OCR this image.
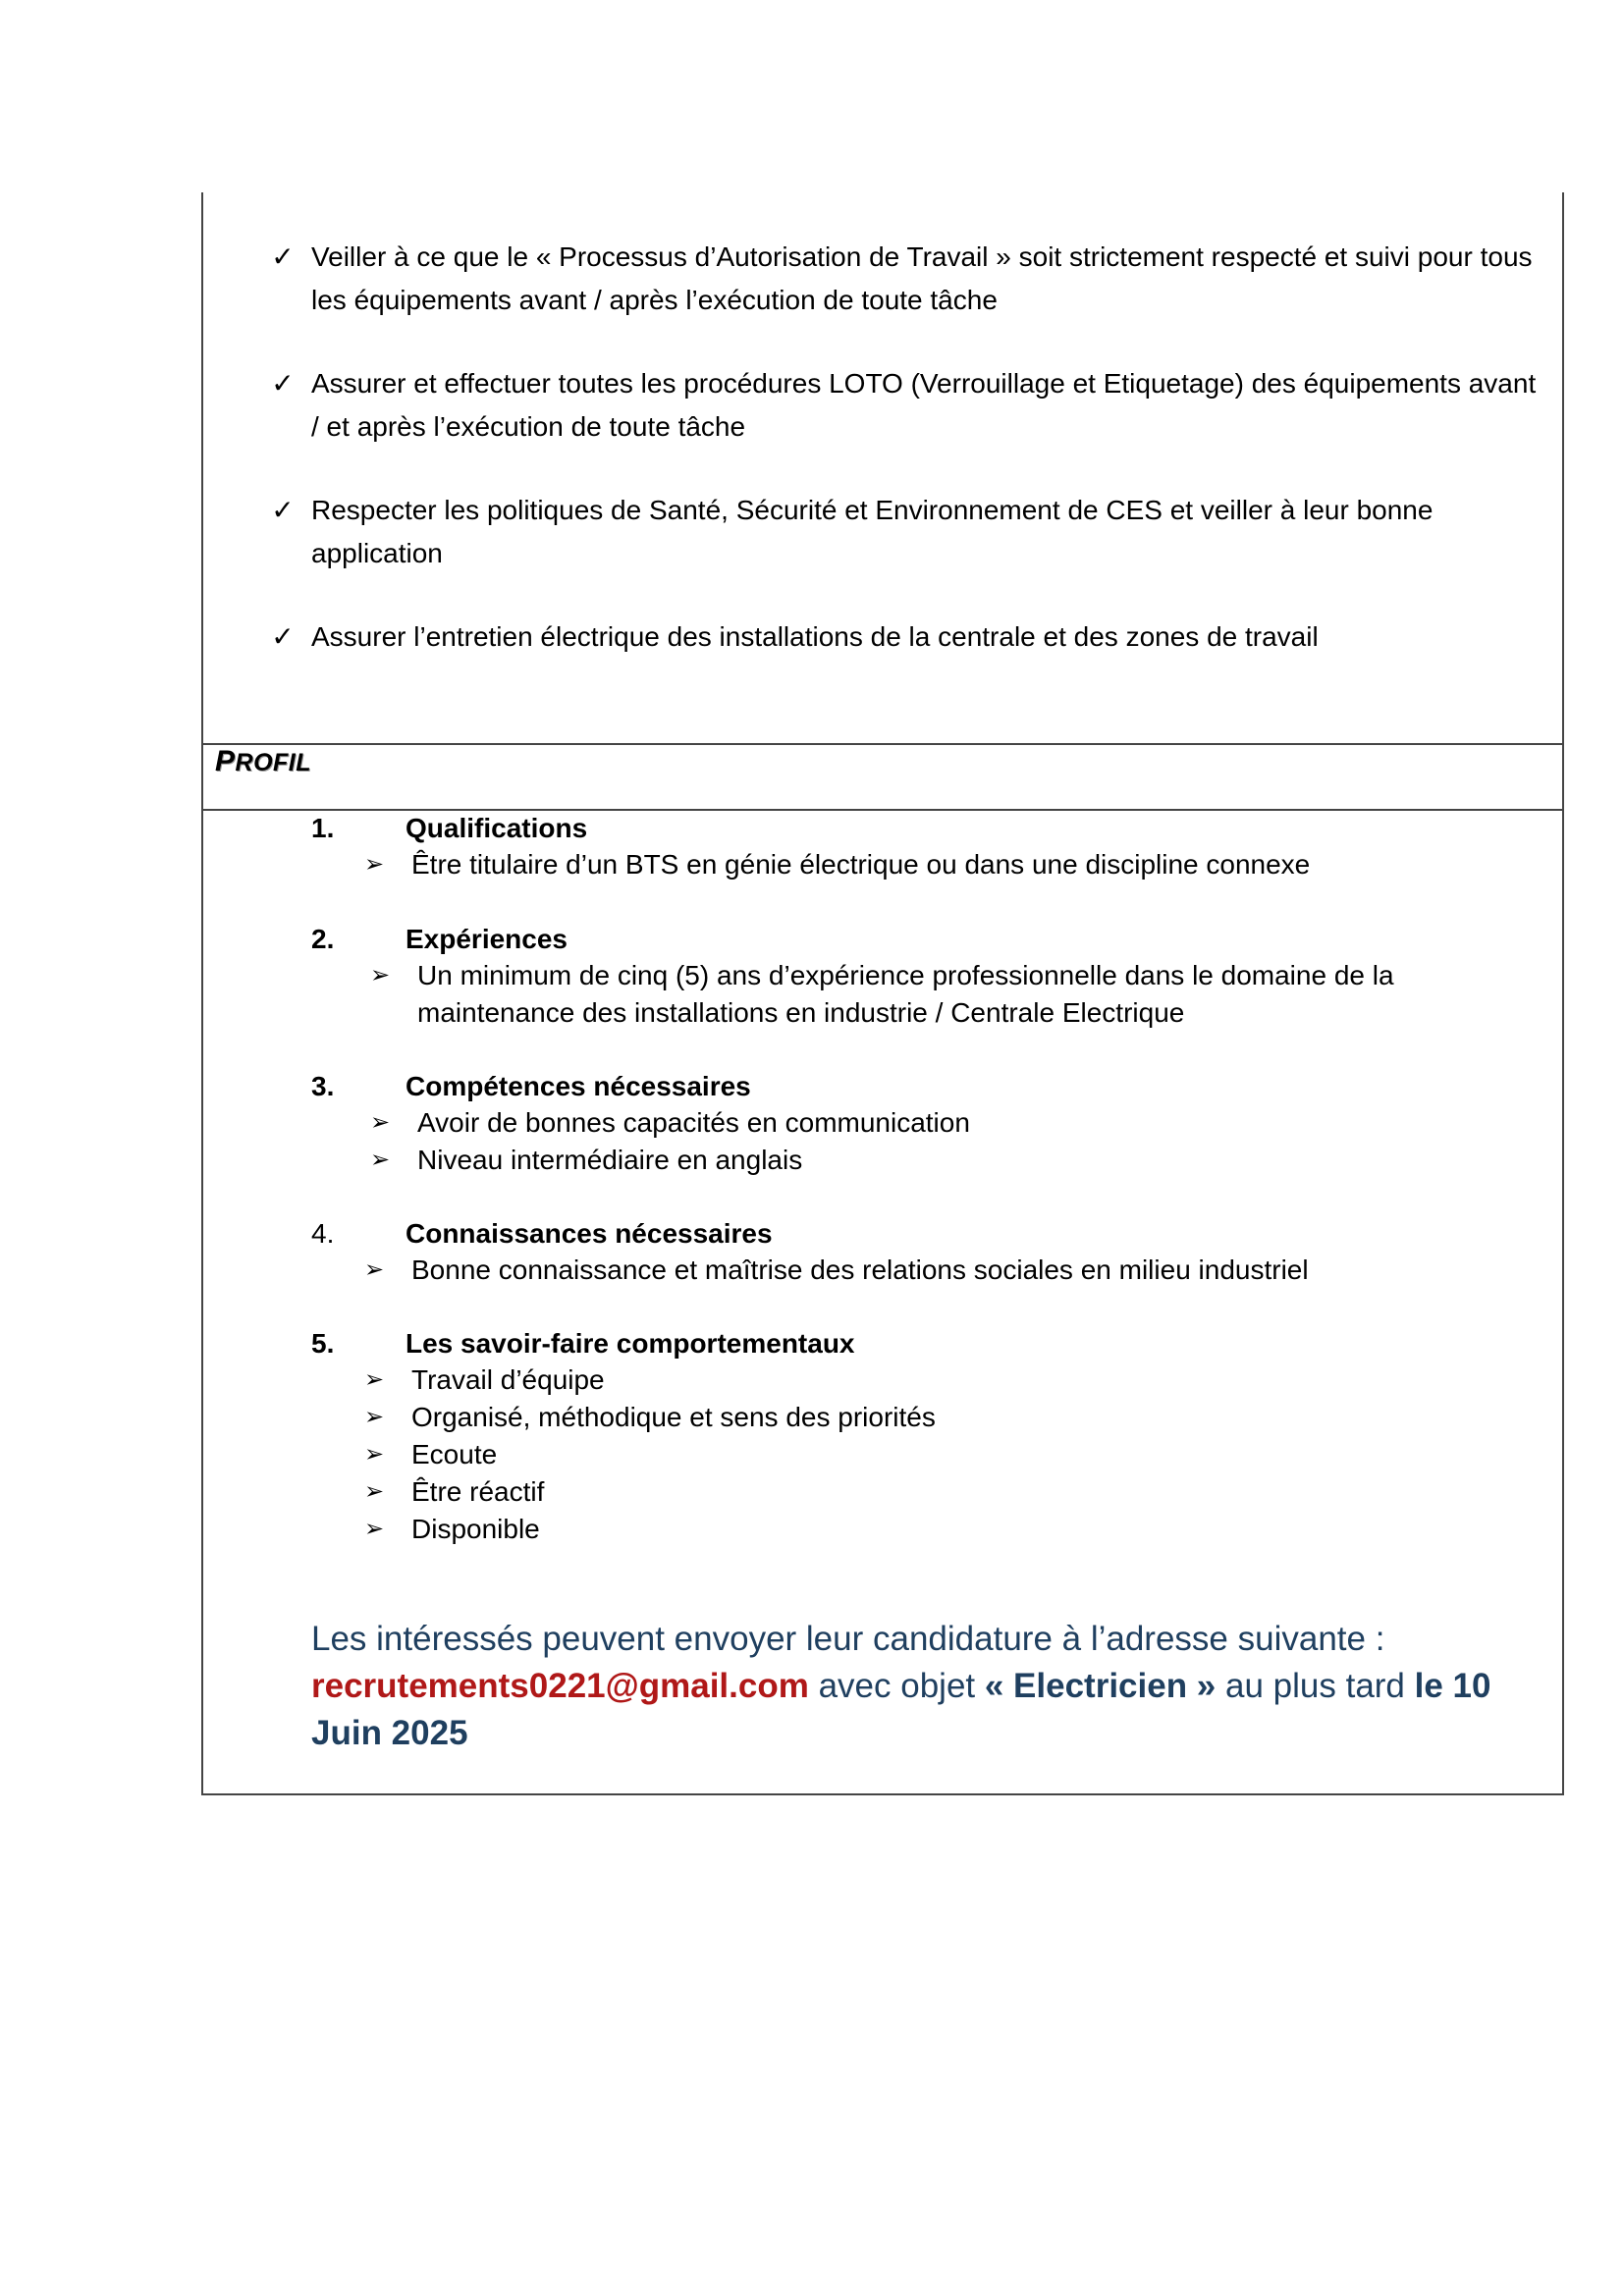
✓ Veiller à ce que le « Processus d’Autorisation de Travail » soit strictement respecté et suivi pour tous
les équipements avant / après l’exécution de toute tâche
✓ Assurer et effectuer toutes les procédures LOTO (Verrouillage et Etiquetage) des équipements avant
/ et après l’exécution de toute tâche
✓ Respecter les politiques de Santé, Sécurité et Environnement de CES et veiller à leur bonne
application
✓ Assurer l’entretien électrique des installations de la centrale et des zones de travail
PROFIL
1.	Qualifications
➢ Être titulaire d’un BTS en génie électrique ou dans une discipline connexe
2.	Expériences
➢ Un minimum de cinq (5) ans d’expérience professionnelle dans le domaine de la
maintenance des installations en industrie / Centrale Electrique
3.	Compétences nécessaires
➢ Avoir de bonnes capacités en communication
➢ Niveau intermédiaire en anglais
4.	Connaissances nécessaires
➢ Bonne connaissance et maîtrise des relations sociales en milieu industriel
5.	Les savoir-faire comportementaux
➢ Travail d’équipe
➢ Organisé, méthodique et sens des priorités
➢ Ecoute
➢ Être réactif
➢ Disponible
Les intéressés peuvent envoyer leur candidature à l’adresse suivante :
recrutements0221@gmail.com avec objet « Electricien » au plus tard le 10 Juin 2025
